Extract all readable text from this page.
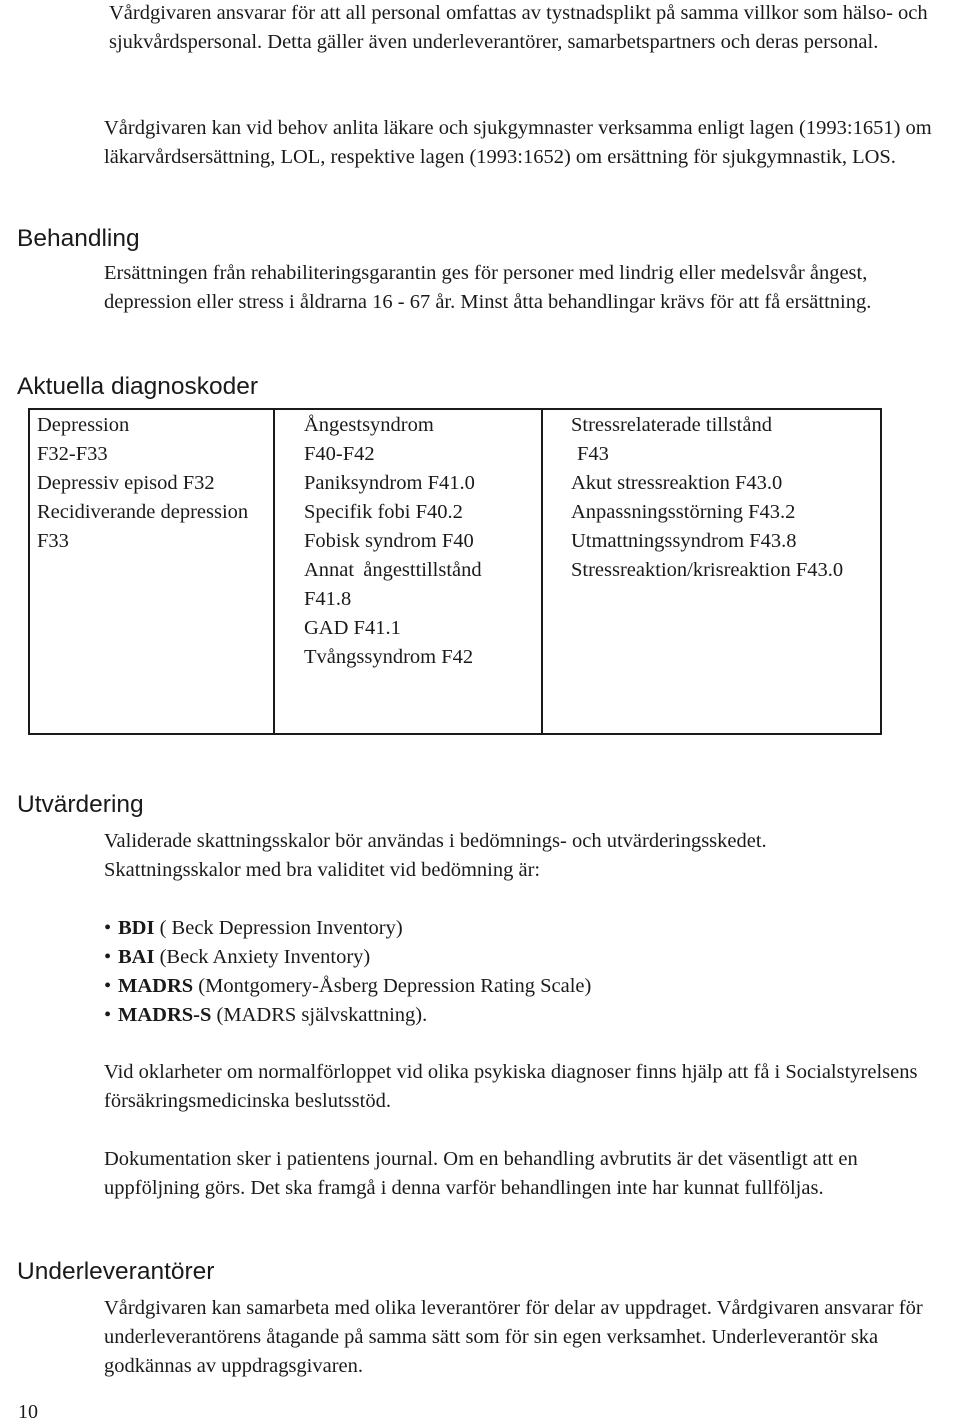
Vårdgivaren ansvarar för att all personal omfattas av tystnadsplikt på samma villkor som hälso- och sjukvårdspersonal. Detta gäller även underleverantörer, samarbetspartners och deras personal.

Vårdgivaren kan vid behov anlita läkare och sjukgymnaster verksamma enligt lagen (1993:1651) om läkarvårdsersättning, LOL, respektive lagen (1993:1652) om ersättning för sjukgymnastik, LOS.

Behandling

Ersättningen från rehabiliteringsgarantin ges för personer med lindrig eller medelsvår ångest, depression eller stress i åldrarna 16 - 67 år. Minst åtta behandlingar krävs för att få ersättning.

Aktuella diagnoskoder
Depression
F32-F33
Depressiv episod F32
Recidiverande depression F33

Ångestsyndrom
F40-F42
Paniksyndrom F41.0
Specifik fobi F40.2
Fobisk syndrom F40
Annat ångesttillstånd F41.8
GAD F41.1
Tvångssyndrom F42

Stressrelaterade tillstånd
F43
Akut stressreaktion F43.0
Anpassningsstörning F43.2
Utmattningssyndrom F43.8
Stressreaktion/krisreaktion F43.0
Utvärdering

Validerade skattningsskalor bör användas i bedömnings- och utvärderingsskedet.

Skattningsskalor med bra validitet vid bedömning är:

• BDI ( Beck Depression Inventory)
• BAI (Beck Anxiety Inventory)
• MADRS (Montgomery-Åsberg Depression Rating Scale)
• MADRS-S (MADRS självskattning).

Vid oklarheter om normalförloppet vid olika psykiska diagnoser finns hjälp att få i Socialstyrelsens försäkringsmedicinska beslutsstöd.

Dokumentation sker i patientens journal. Om en behandling avbrutits är det väsentligt att en uppföljning görs. Det ska framgå i denna varför behandlingen inte har kunnat fullföljas.

Underleverantörer

Vårdgivaren kan samarbeta med olika leverantörer för delar av uppdraget. Vårdgivaren ansvarar för underleverantörens åtagande på samma sätt som för sin egen verksamhet. Underleverantör ska godkännas av uppdragsgivaren.

10
